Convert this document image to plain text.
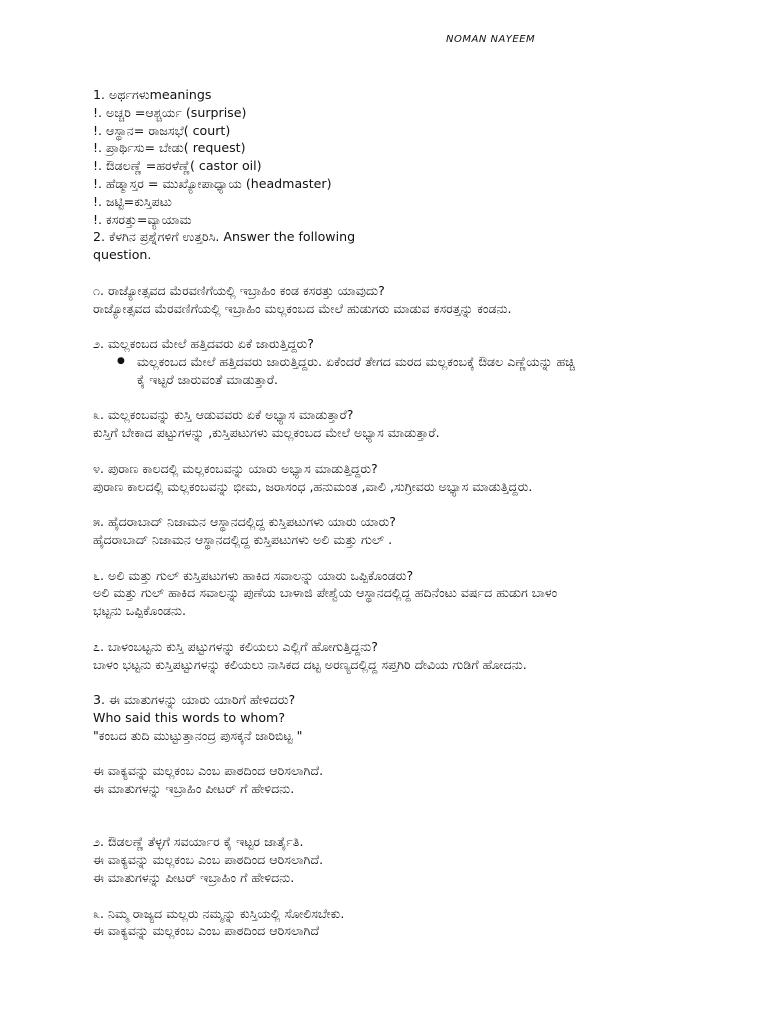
NOMAN NAYEEM

1. ಅರ್ಥಗಳುmeanings

!. ಅಚ್ಚರಿ =ಆಶ್ಚರ್ಯ (surprise)

!. ಆಸ್ಥಾನ= ರಾಜಸಭೆ( court)

!. ಪ್ರಾರ್ಥಿಸು= ಬೇಡು( request)

!. ಔಡಲಣ್ಣೆ =ಹರಳೆಣ್ಣೆ( castor oil)

!. ಹೆಡ್ಮಾಸ್ತರ = ಮುಖ್ಯೋಪಾಧ್ಯಾಯ (headmaster)

!. ಜಟ್ಟಿ=ಕುಸ್ತಿಪಟು

!. ಕಸರತ್ತು=ವ್ಯಾಯಾಮ

2. ಕೆಳಗಿನ ಪ್ರಶ್ನೆಗಳಿಗೆ ಉತ್ತರಿಸಿ. Answer the following

question.

೧. ರಾಜ್ಯೋತ್ಸವದ ಮೆರವಣಿಗೆಯಲ್ಲಿ ಇಬ್ರಾಹಿಂ ಕಂಡ ಕಸರತ್ತು ಯಾವುದು?

ರಾಜ್ಯೋತ್ಸವದ ಮೆರವಣಿಗೆಯಲ್ಲಿ ಇಬ್ರಾಹಿಂ ಮಲ್ಲಕಂಬದ ಮೇಲೆ ಹುಡುಗರು ಮಾಡುವ ಕಸರತ್ತನ್ನು ಕಂಡನು.

೨. ಮಲ್ಲಕಂಬದ ಮೇಲೆ ಹತ್ತಿದವರು ಏಕೆ ಜಾರುತ್ತಿದ್ದರು?

● ಮಲ್ಲಕಂಬದ ಮೇಲೆ ಹತ್ತಿದವರು ಜಾರುತ್ತಿದ್ದರು. ಏಕೆಂದರೆ ತೇಗದ ಮರದ ಮಲ್ಲಕಂಬಕ್ಕೆ ಔಡಲ ಎಣ್ಣೆಯನ್ನು ಹಚ್ಚಿ
ಕೈ ಇಟ್ಟರೆ ಜಾರುವಂತೆ ಮಾಡುತ್ತಾರೆ.

೩. ಮಲ್ಲಕಂಬವನ್ನು ಕುಸ್ತಿ ಆಡುವವರು ಏಕೆ ಅಭ್ಯಾಸ ಮಾಡುತ್ತಾರೆ?

ಕುಸ್ತಿಗೆ ಬೇಕಾದ ಪಟ್ಟುಗಳನ್ನು ,ಕುಸ್ತಿಪಟುಗಳು ಮಲ್ಲಕಂಬದ ಮೇಲೆ ಅಭ್ಯಾಸ ಮಾಡುತ್ತಾರೆ.

೪. ಪುರಾಣ ಕಾಲದಲ್ಲಿ ಮಲ್ಲಕಂಬವನ್ನು ಯಾರು ಅಭ್ಯಾಸ ಮಾಡುತ್ತಿದ್ದರು?

ಪುರಾಣ ಕಾಲದಲ್ಲಿ ಮಲ್ಲಕಂಬವನ್ನು ಭೀಮ, ಜರಾಸಂಧ ,ಹನುಮಂತ ,ವಾಲಿ ,ಸುಗ್ರೀವರು ಅಭ್ಯಾಸ ಮಾಡುತ್ತಿದ್ದರು.

೫. ಹೈದರಾಬಾದ್ ನಿಜಾಮನ ಆಸ್ಥಾನದಲ್ಲಿದ್ದ ಕುಸ್ತಿಪಟುಗಳು ಯಾರು ಯಾರು?

ಹೈದರಾಬಾದ್ ನಿಜಾಮನ ಆಸ್ಥಾನದಲ್ಲಿದ್ದ ಕುಸ್ತಿಪಟುಗಳು ಅಲಿ ಮತ್ತು ಗುಲ್ .

೬. ಅಲಿ ಮತ್ತು ಗುಲ್ ಕುಸ್ತಿಪಟುಗಳು ಹಾಕಿದ ಸವಾಲನ್ನು ಯಾರು ಒಪ್ಪಿಕೊಂಡರು?

ಅಲಿ ಮತ್ತು ಗುಲ್ ಹಾಕಿದ ಸವಾಲನ್ನು ಪುಣೆಯ ಬಾಳಾಜಿ ಪೇಶ್ವೆಯ ಆಸ್ಥಾನದಲ್ಲಿದ್ದ ಹದಿನೆಂಟು ವರ್ಷದ ಹುಡುಗ ಬಾಳಂ

ಭಟ್ಟನು ಒಪ್ಪಿಕೊಂಡನು.

೭. ಬಾಳಂಬಟ್ಟನು ಕುಸ್ತಿ ಪಟ್ಟುಗಳನ್ನು ಕಲಿಯಲು ಎಲ್ಲಿಗೆ ಹೋಗುತ್ತಿದ್ದನು?

ಬಾಳಂ ಭಟ್ಟನು ಕುಸ್ತಿಪಟ್ಟುಗಳನ್ನು ಕಲಿಯಲು ನಾಸಿಕದ ದಟ್ಟ ಅರಣ್ಯದಲ್ಲಿದ್ದ ಸಪ್ತಗಿರಿ ದೇವಿಯ ಗುಡಿಗೆ ಹೋದನು.

3. ಈ ಮಾತುಗಳನ್ನು ಯಾರು ಯಾರಿಗೆ ಹೇಳಿದರು?

Who said this words to whom?

"ಕಂಬದ ತುದಿ ಮುಟ್ಟುತ್ತಾನಂದ್ರ ಪುಸಕ್ಕನೆ ಜಾರಿಬಿಟ್ಟ "

ಈ ವಾಕ್ಯವನ್ನು ಮಲ್ಲಕಂಬ ಎಂಬ ಪಾಠದಿಂದ ಆರಿಸಲಾಗಿದೆ.

ಈ ಮಾತುಗಳನ್ನು ಇಬ್ರಾಹಿಂ ಪೀಟರ್ ಗೆ ಹೇಳಿದನು.

೨. ಔಡಲಣ್ಣೆ ತೆಳ್ಳಗೆ ಸವರ್ಯಾರ ಕೈ ಇಟ್ಟರ ಜಾರ್ತೈತಿ.

ಈ ವಾಕ್ಯವನ್ನು ಮಲ್ಲಕಂಬ ಎಂಬ ಪಾಠದಿಂದ ಆರಿಸಲಾಗಿದೆ.

ಈ ಮಾತುಗಳನ್ನು ಪೀಟರ್ ಇಬ್ರಾಹಿಂ ಗೆ ಹೇಳಿದನು.

೩. ನಿಮ್ಮ ರಾಜ್ಯದ ಮಲ್ಲರು ನಮ್ಮನ್ನು ಕುಸ್ತಿಯಲ್ಲಿ ಸೋಲಿಸಬೇಕು.

ಈ ವಾಕ್ಯವನ್ನು ಮಲ್ಲಕಂಬ ಎಂಬ ಪಾಠದಿಂದ ಆರಿಸಲಾಗಿದೆ
